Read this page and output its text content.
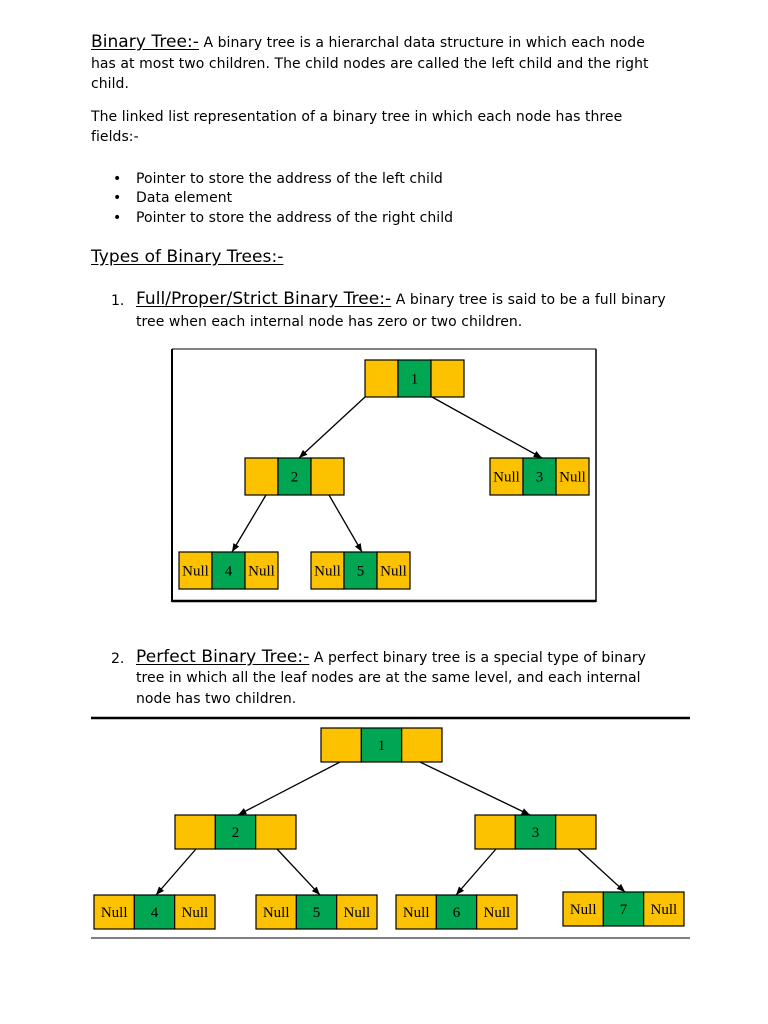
Binary Tree:- A binary tree is a hierarchal data structure in which each node
has at most two children. The child nodes are called the left child and the right
child.
The linked list representation of a binary tree in which each node has three
fields:-
• Pointer to store the address of the left child
• Data element
• Pointer to store the address of the right child
Types of Binary Trees:-
1. Full/Proper/Strict Binary Tree:- A binary tree is said to be a full binary
tree when each internal node has zero or two children.
1
2	Null 3 Null
Null 4 Null	Null 5 Null
2. Perfect Binary Tree:- A perfect binary tree is a special type of binary
tree in which all the leaf nodes are at the same level, and each internal
node has two children.
1
2	3
Null 4 Null	Null 5 Null Null 6 Null	Null 7 Null
